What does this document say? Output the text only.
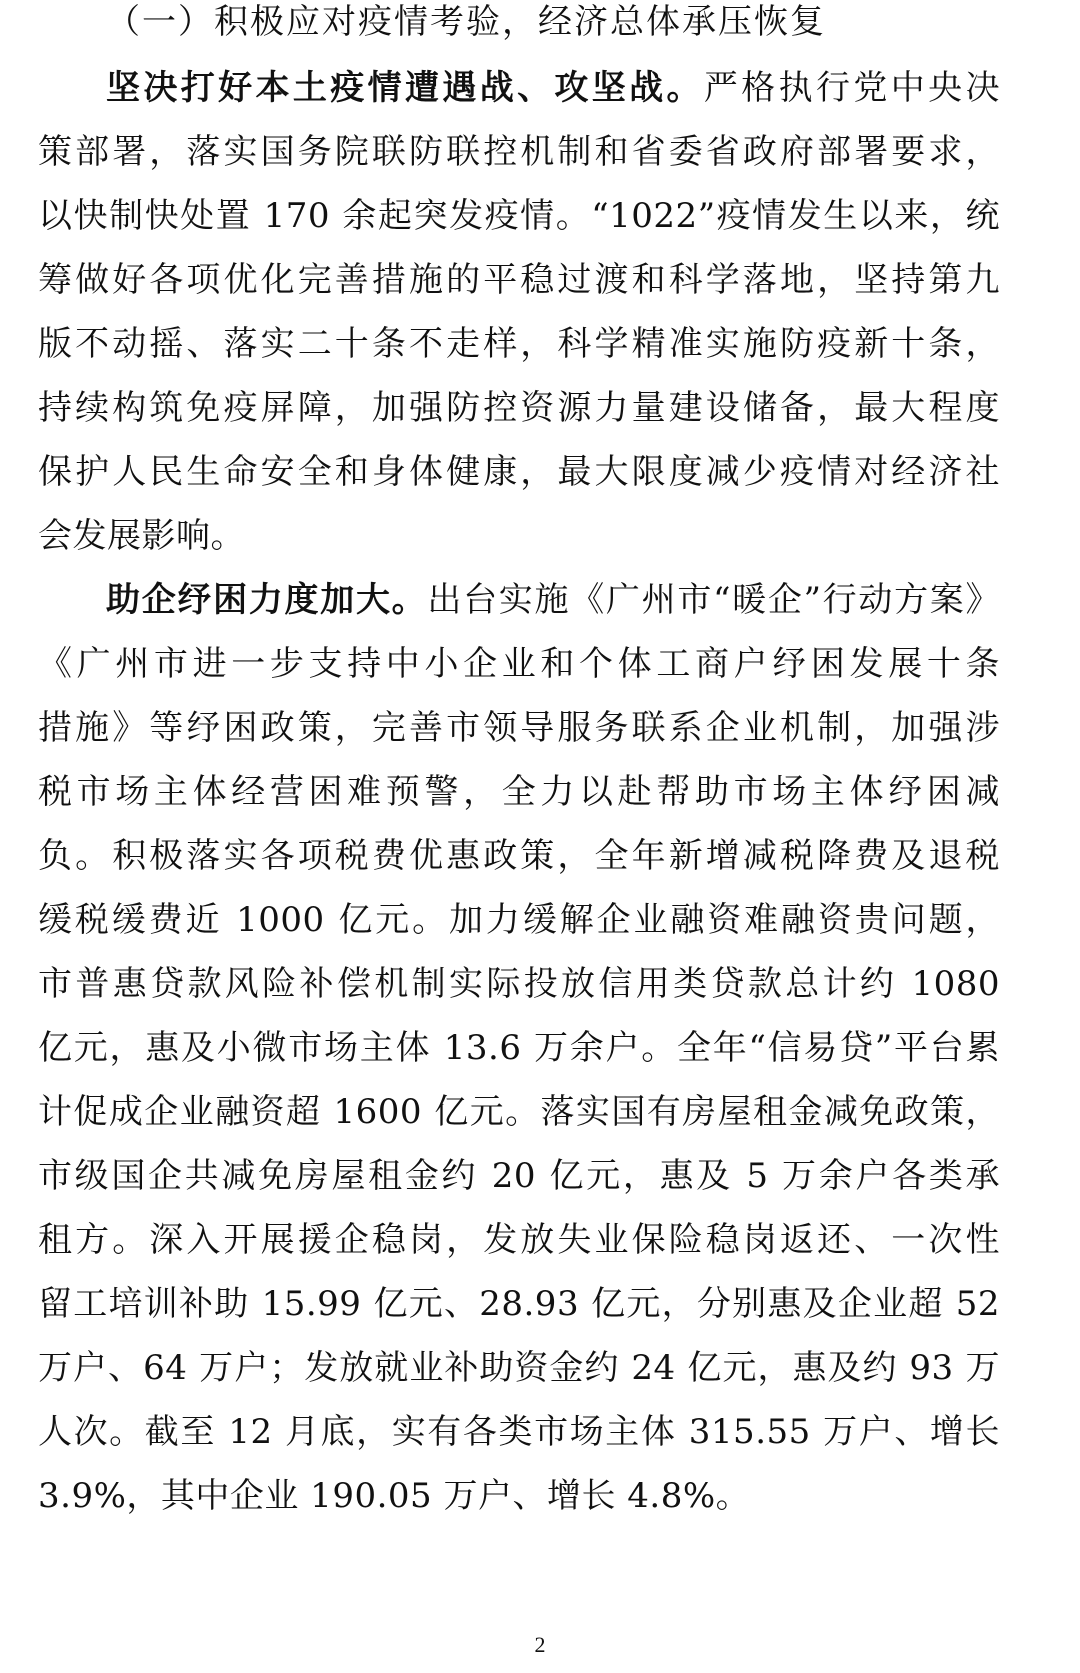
（一）积极应对疫情考验，经济总体承压恢复
坚决打好本土疫情遭遇战、攻坚战。严格执行党中央决
策部署，落实国务院联防联控机制和省委省政府部署要求，
以快制快处置 170 余起突发疫情。“1022”疫情发生以来，统
筹做好各项优化完善措施的平稳过渡和科学落地，坚持第九
版不动摇、落实二十条不走样，科学精准实施防疫新十条，
持续构筑免疫屏障，加强防控资源力量建设储备，最大程度
保护人民生命安全和身体健康，最大限度减少疫情对经济社
会发展影响。
助企纾困力度加大。出台实施《广州市“暖企”行动方案》
《广州市进一步支持中小企业和个体工商户纾困发展十条
措施》等纾困政策，完善市领导服务联系企业机制，加强涉
税市场主体经营困难预警，全力以赴帮助市场主体纾困减
负。积极落实各项税费优惠政策，全年新增减税降费及退税
缓税缓费近 1000 亿元。加力缓解企业融资难融资贵问题，
市普惠贷款风险补偿机制实际投放信用类贷款总计约 1080
亿元，惠及小微市场主体 13.6 万余户。全年“信易贷”平台累
计促成企业融资超 1600 亿元。落实国有房屋租金减免政策，
市级国企共减免房屋租金约 20 亿元，惠及 5 万余户各类承
租方。深入开展援企稳岗，发放失业保险稳岗返还、一次性
留工培训补助 15.99 亿元、28.93 亿元，分别惠及企业超 52
万户、64 万户；发放就业补助资金约 24 亿元，惠及约 93 万
人次。截至 12 月底，实有各类市场主体 315.55 万户、增长
3.9%，其中企业 190.05 万户、增长 4.8%。
2
